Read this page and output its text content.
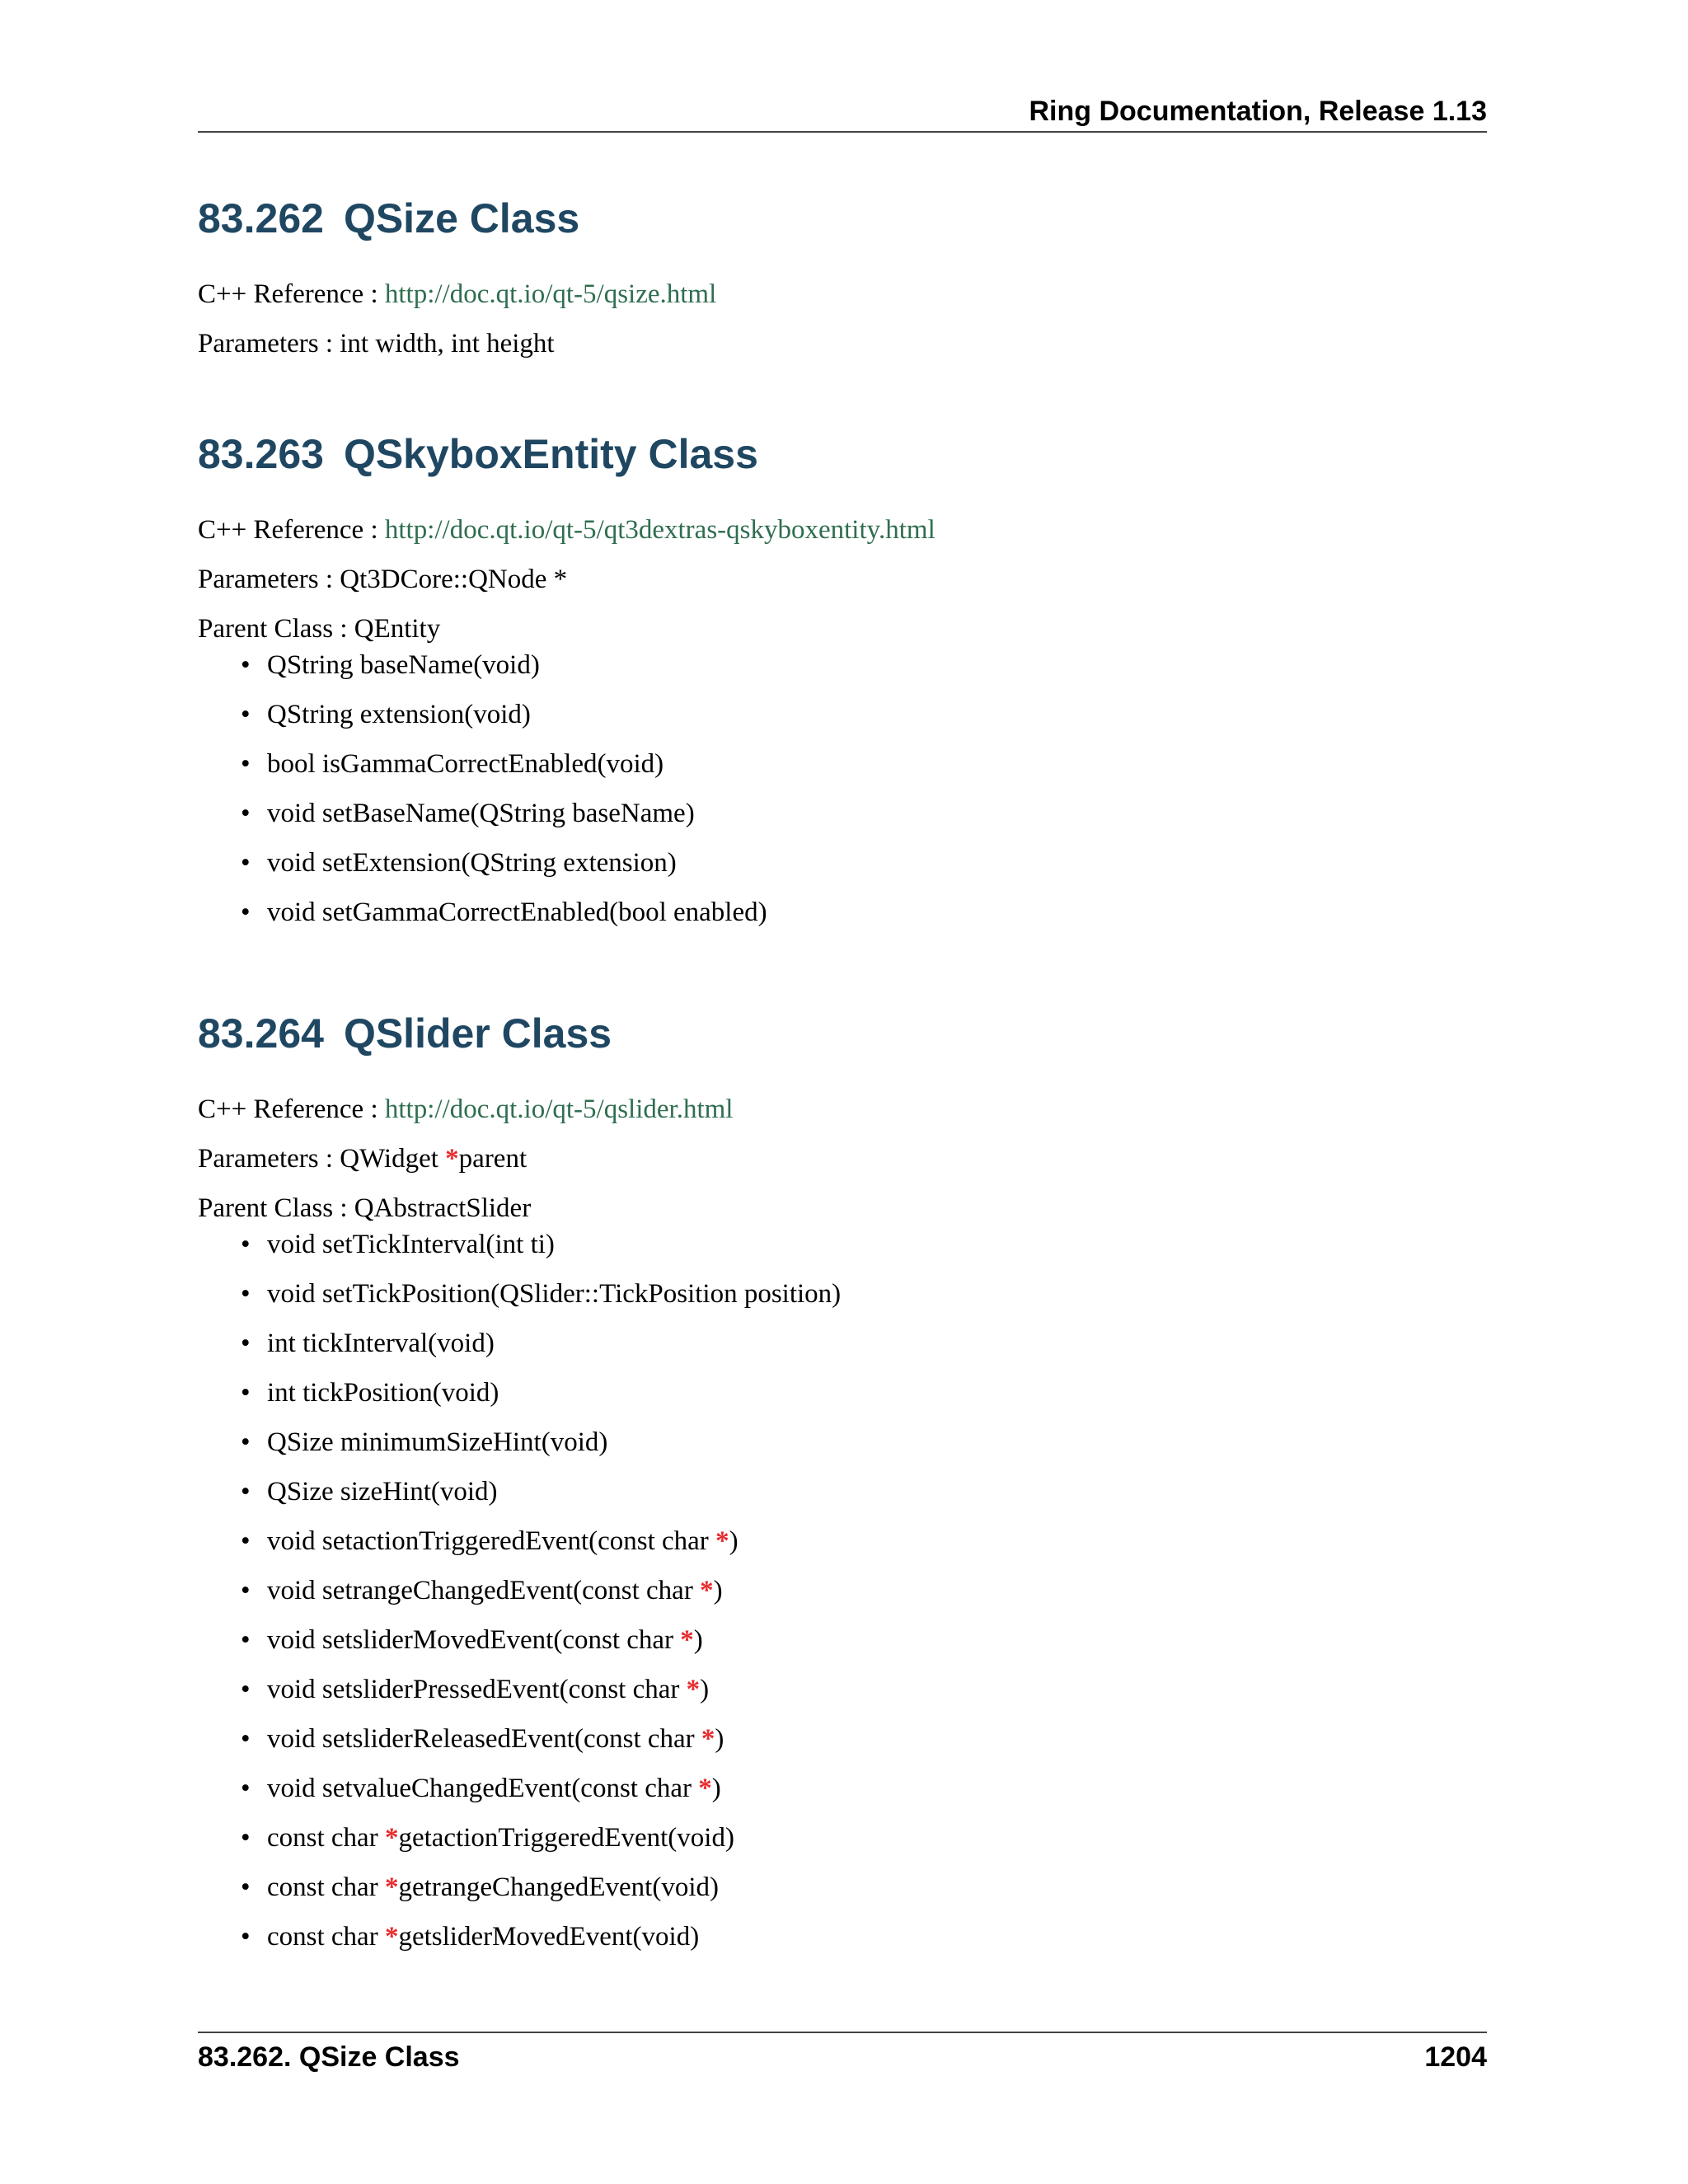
Ring Documentation, Release 1.13
83.262 QSize Class

C++ Reference : http://doc.qt.io/qt-5/qsize.html

Parameters : int width, int height

83.263 QSkyboxEntity Class

C++ Reference : http://doc.qt.io/qt-5/qt3dextras-qskyboxentity.html

Parameters : Qt3DCore::QNode *

Parent Class : QEntity

• QString baseName(void)
• QString extension(void)
• bool isGammaCorrectEnabled(void)
• void setBaseName(QString baseName)
• void setExtension(QString extension)
• void setGammaCorrectEnabled(bool enabled)
83.264 QSlider Class

C++ Reference : http://doc.qt.io/qt-5/qslider.html

Parameters : QWidget *parent

Parent Class : QAbstractSlider

• void setTickInterval(int ti)
• void setTickPosition(QSlider::TickPosition position)
• int tickInterval(void)
• int tickPosition(void)
• QSize minimumSizeHint(void)
• QSize sizeHint(void)
• void setactionTriggeredEvent(const char *)
• void setrangeChangedEvent(const char *)
• void setsliderMovedEvent(const char *)
• void setsliderPressedEvent(const char *)
• void setsliderReleasedEvent(const char *)
• void setvalueChangedEvent(const char *)
• const char *getactionTriggeredEvent(void)
• const char *getrangeChangedEvent(void)
• const char *getsliderMovedEvent(void)
83.262. QSize Class	1204
